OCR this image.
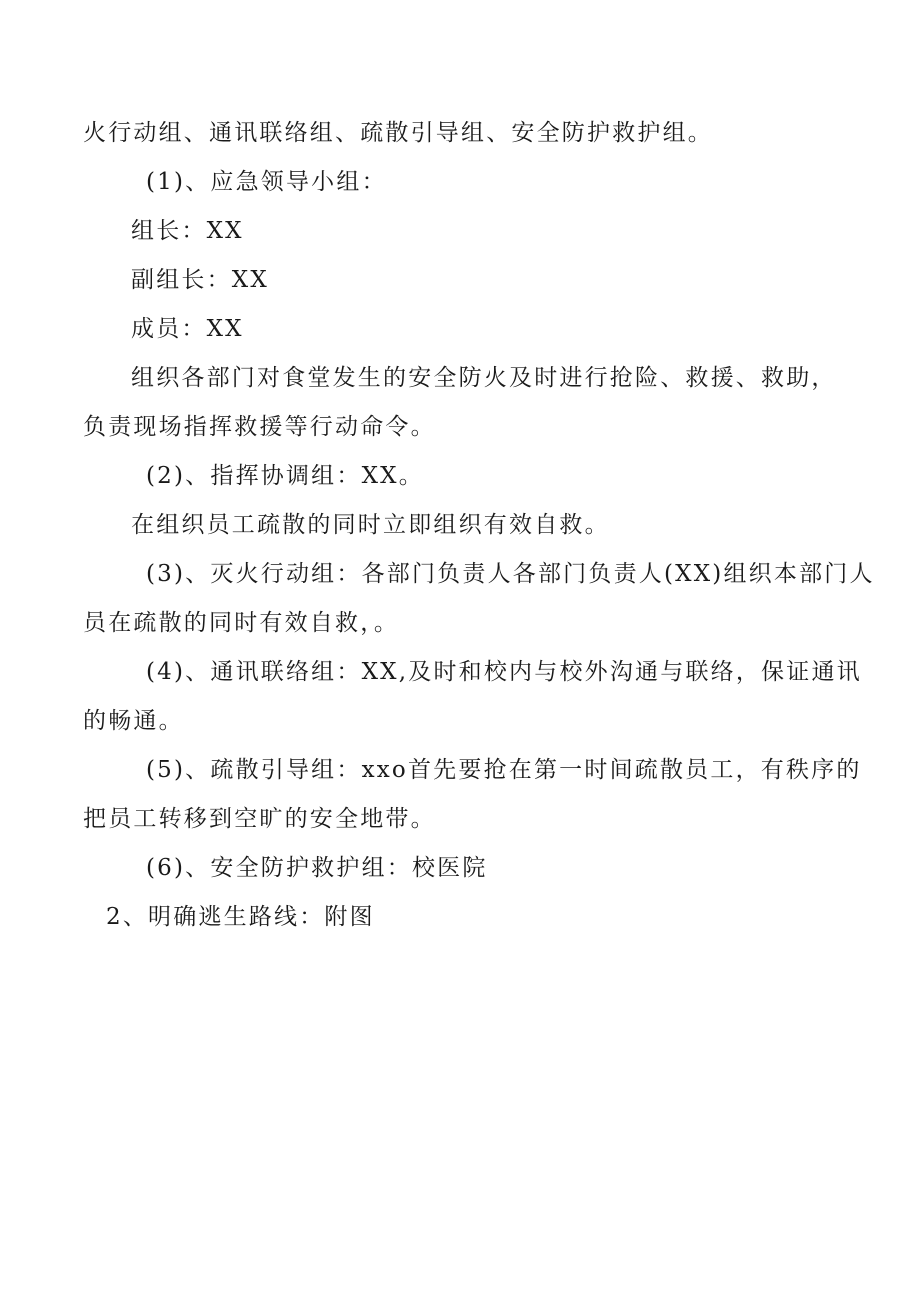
火行动组、通讯联络组、疏散引导组、安全防护救护组。
(1)、应急领导小组：
组长：XX
副组长：XX
成员：XX
组织各部门对食堂发生的安全防火及时进行抢险、救援、救助，
负责现场指挥救援等行动命令。
(2)、指挥协调组：XX。
在组织员工疏散的同时立即组织有效自救。
(3)、灭火行动组：各部门负责人各部门负责人(XX)组织本部门人
员在疏散的同时有效自救，。
(4)、通讯联络组：XX,及时和校内与校外沟通与联络，保证通讯
的畅通。
(5)、疏散引导组：xxo首先要抢在第一时间疏散员工，有秩序的
把员工转移到空旷的安全地带。
(6)、安全防护救护组：校医院
2、明确逃生路线：附图
